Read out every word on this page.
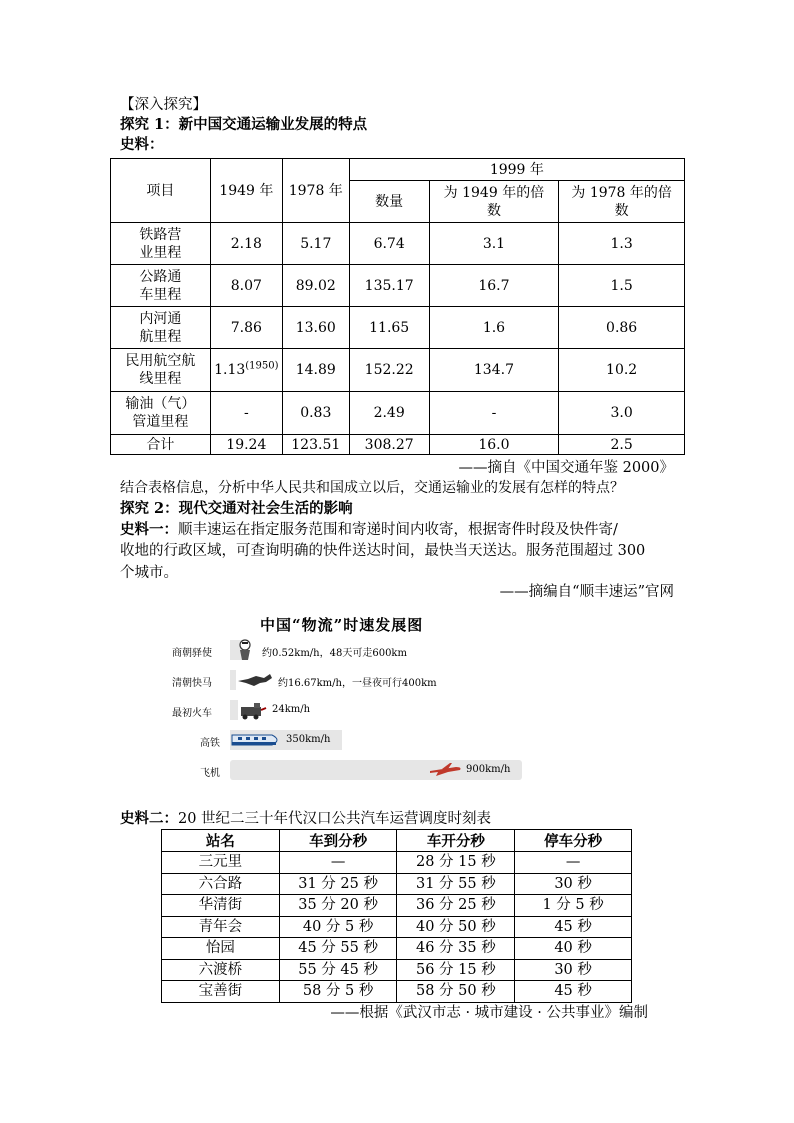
【深入探究】
探究 1：新中国交通运输业发展的特点
史料：
项目	1949 年	1978 年	1999 年		
			数量	为 1949 年的倍数	为 1978 年的倍数

铁路营业里程	2.18	5.17	6.74	3.1	1.3

公路通车里程	8.07	89.02	135.17	16.7	1.5

内河通航里程	7.86	13.60	11.65	1.6	0.86

民用航空航线里程	$1.13^{(1950)}$	14.89	152.22	134.7	10.2

输油（气）管道里程	-	0.83	2.49	-	3.0
合计	19.24	123.51	308.27	16.0	2.5
——摘自《中国交通年鉴 2000》
结合表格信息，分析中华人民共和国成立以后，交通运输业的发展有怎样的特点？
探究 2：现代交通对社会生活的影响
史料一：顺丰速运在指定服务范围和寄递时间内收寄，根据寄件时段及快件寄/
收地的行政区域，可查询明确的快件送达时间，最快当天送达。服务范围超过 300
个城市。
——摘编自“顺丰速运”官网
中国“物流”时速发展图
商朝驿使	约0.52km/h，48天可走600km
清朝快马	约16.67km/h，一昼夜可行400km
最初火车	24km/h
高铁	350km/h
飞机	900km/h
史料二：20 世纪二三十年代汉口公共汽车运营调度时刻表
站名	车到分秒	车开分秒	停车分秒
三元里	—	28 分 15 秒	—
六合路	31 分 25 秒	31 分 55 秒	30 秒
华清街	35 分 20 秒	36 分 25 秒	1 分 5 秒
青年会	40 分 5 秒	40 分 50 秒	45 秒
怡园	45 分 55 秒	46 分 35 秒	40 秒
六渡桥	55 分 45 秒	56 分 15 秒	30 秒
宝善街	58 分 5 秒	58 分 50 秒	45 秒
——根据《武汉市志 · 城市建设 · 公共事业》编制
